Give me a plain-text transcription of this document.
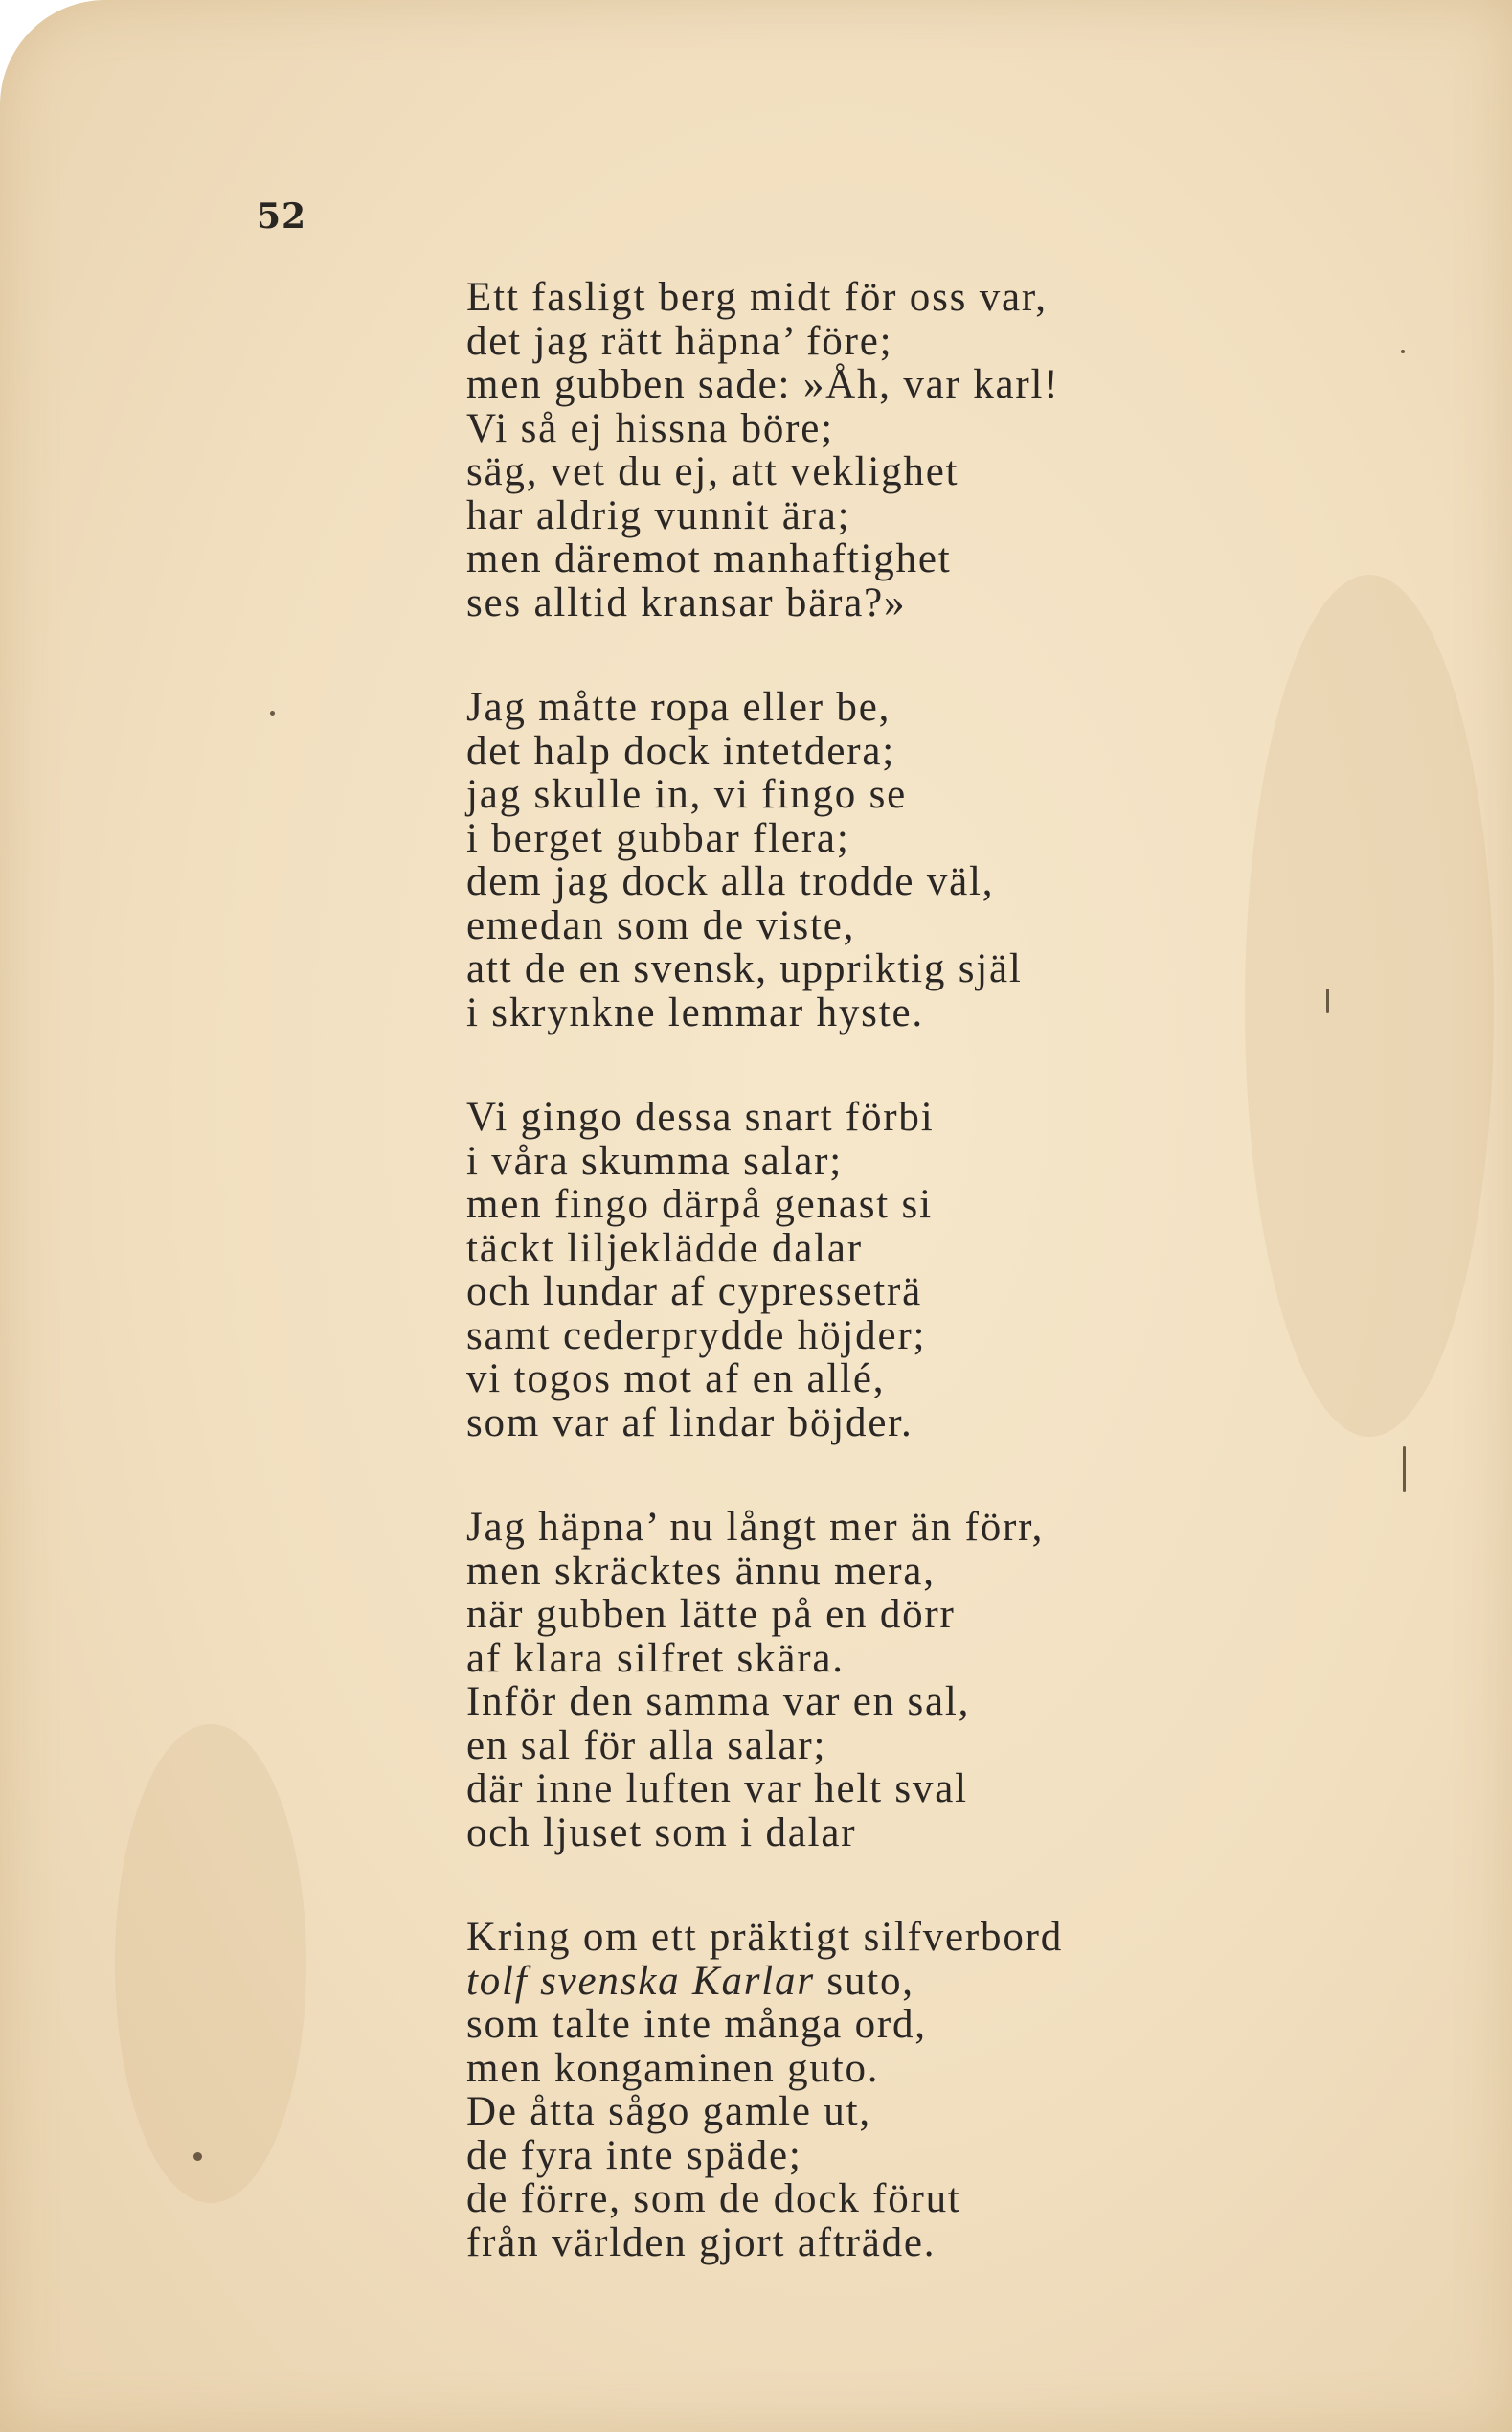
52
Ett fasligt berg midt för oss var,
det jag rätt häpna’ före;
men gubben sade: »Åh, var karl!
Vi så ej hissna böre;
säg, vet du ej, att veklighet
har aldrig vunnit ära;
men däremot manhaftighet
ses alltid kransar bära?»
Jag måtte ropa eller be,
det halp dock intetdera;
jag skulle in, vi fingo se
i berget gubbar flera;
dem jag dock alla trodde väl,
emedan som de viste,
att de en svensk, uppriktig själ
i skrynkne lemmar hyste.
Vi gingo dessa snart förbi
i våra skumma salar;
men fingo därpå genast si
täckt liljeklädde dalar
och lundar af cypresseträ
samt cederprydde höjder;
vi togos mot af en allé,
som var af lindar böjder.
Jag häpna’ nu långt mer än förr,
men skräcktes ännu mera,
när gubben lätte på en dörr
af klara silfret skära.
Inför den samma var en sal,
en sal för alla salar;
där inne luften var helt sval
och ljuset som i dalar
Kring om ett präktigt silfverbord
tolf svenska Karlar suto,
som talte inte många ord,
men kongaminen guto.
De åtta sågo gamle ut,
de fyra inte späde;
de förre, som de dock förut
från världen gjort afträde.
